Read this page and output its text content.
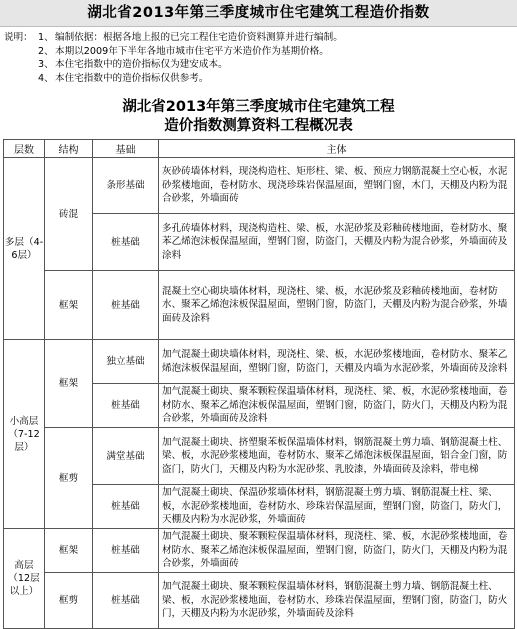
湖北省2013年第三季度城市住宅建筑工程造价指数
说明： 1、 编制依据：根据各地上报的已完工程住宅造价资料测算并进行编制。
2、 本期以2009年下半年各地市城市住宅平方米造价作为基期价格。
3、 本住宅指数中的造价指标仅为建安成本。
4、 本住宅指数中的造价指标仅供参考。
湖北省2013年第三季度城市住宅建筑工程
造价指数测算资料工程概况表
层数	结构	基础	主体
多层（4-6层）	砖混	条形基础	灰砂砖墙体材料，现浇构造柱、矩形柱、梁、板、预应力钢筋混凝土空心板，水泥砂浆楼地面，卷材防水、现浇珍珠岩保温屋面，塑钢门窗，木门，天棚及内粉为混合砂浆，外墙面砖
		桩基础	多孔砖墙体材料，现浇构造柱、梁、板，水泥砂浆及彩釉砖楼地面，卷材防水、聚苯乙烯泡沫板保温屋面，塑钢门窗，防盗门，天棚及内粉为混合砂浆，外墙面砖及涂料
	框架	桩基础	混凝土空心砌块墙体材料，现浇柱、梁、板，水泥砂浆及彩釉砖楼地面，卷材防水、聚苯乙烯泡沫板保温屋面，塑钢门窗，防盗门，天棚及内粉为混合砂浆，外墙面砖及涂料
小高层（7-12层）	框架	独立基础	加气混凝土砌块墙体材料，现浇柱、梁、板，水泥砂浆楼地面，卷材防水、聚苯乙烯泡沫板保温屋面，塑钢门窗，防盗门，天棚及内墙为水泥砂浆，外墙面砖及涂料
		桩基础	加气混凝土砌块、聚苯颗粒保温墙体材料，现浇柱、梁、板，水泥砂浆楼地面，卷材防水、聚苯乙烯泡沫板保温屋面，塑钢门窗，防盗门，防火门，天棚及内粉为混合砂浆，外墙面砖及涂料
	框剪	满堂基础	加气混凝土砌块、挤塑聚苯板保温墙体材料，钢筋混凝土剪力墙、钢筋混凝土柱、梁、板，水泥砂浆楼地面，卷材防水、聚苯乙烯泡沫板保温屋面，铝合金门窗，防盗门，防火门，天棚及内粉为水泥砂浆、乳胶漆，外墙面砖及涂料，带电梯
		桩基础	加气混凝土砌块、保温砂浆墙体材料，钢筋混凝土剪力墙、钢筋混凝土柱、梁、板，水泥砂浆楼地面，卷材防水、珍珠岩保温屋面，塑钢门窗，防盗门，防火门，天棚及内粉为水泥砂浆，外墙面砖
高层（12层以上）	框架	桩基础	加气混凝土砌块、聚苯颗粒保温墙体材料，现浇柱、梁、板，水泥砂浆楼地面，卷材防水、聚苯乙烯泡沫板保温屋面，塑钢门窗，防盗门，防火门，天棚及内粉为混合砂浆，外墙面砖
	框剪	桩基础	加气混凝土砌块、聚苯颗粒保温墙体材料，钢筋混凝土剪力墙、钢筋混凝土柱、梁、板，水泥砂浆楼地面，卷材防水、珍珠岩保温屋面，塑钢门窗，防盗门，防火门，天棚及内粉为水泥砂浆，外墙面砖及涂料
